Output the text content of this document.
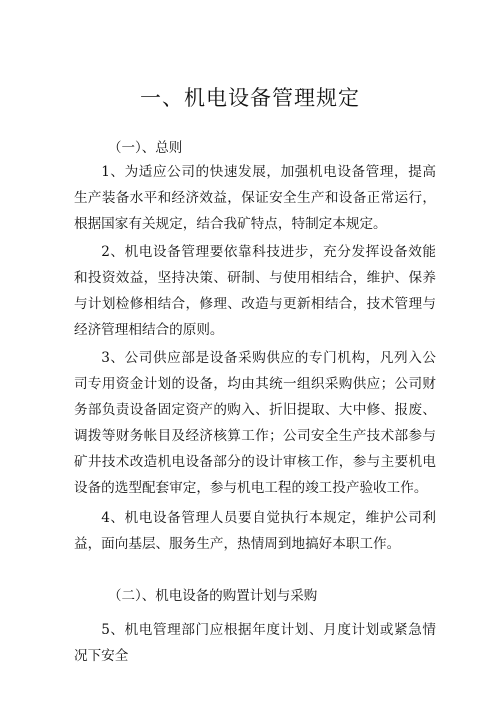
一、机电设备管理规定
（一）、总则

1、为适应公司的快速发展，加强机电设备管理，提高生产装备水平和经济效益，保证安全生产和设备正常运行，根据国家有关规定，结合我矿特点，特制定本规定。

2、机电设备管理要依靠科技进步，充分发挥设备效能和投资效益，坚持决策、研制、与使用相结合，维护、保养与计划检修相结合，修理、改造与更新相结合，技术管理与经济管理相结合的原则。

3、公司供应部是设备采购供应的专门机构，凡列入公司专用资金计划的设备，均由其统一组织采购供应；公司财务部负责设备固定资产的购入、折旧提取、大中修、报废、调拨等财务帐目及经济核算工作；公司安全生产技术部参与矿井技术改造机电设备部分的设计审核工作，参与主要机电设备的选型配套审定，参与机电工程的竣工投产验收工作。

4、机电设备管理人员要自觉执行本规定，维护公司利益，面向基层、服务生产，热情周到地搞好本职工作。

（二）、机电设备的购置计划与采购

5、机电管理部门应根据年度计划、月度计划或紧急情况下安全
